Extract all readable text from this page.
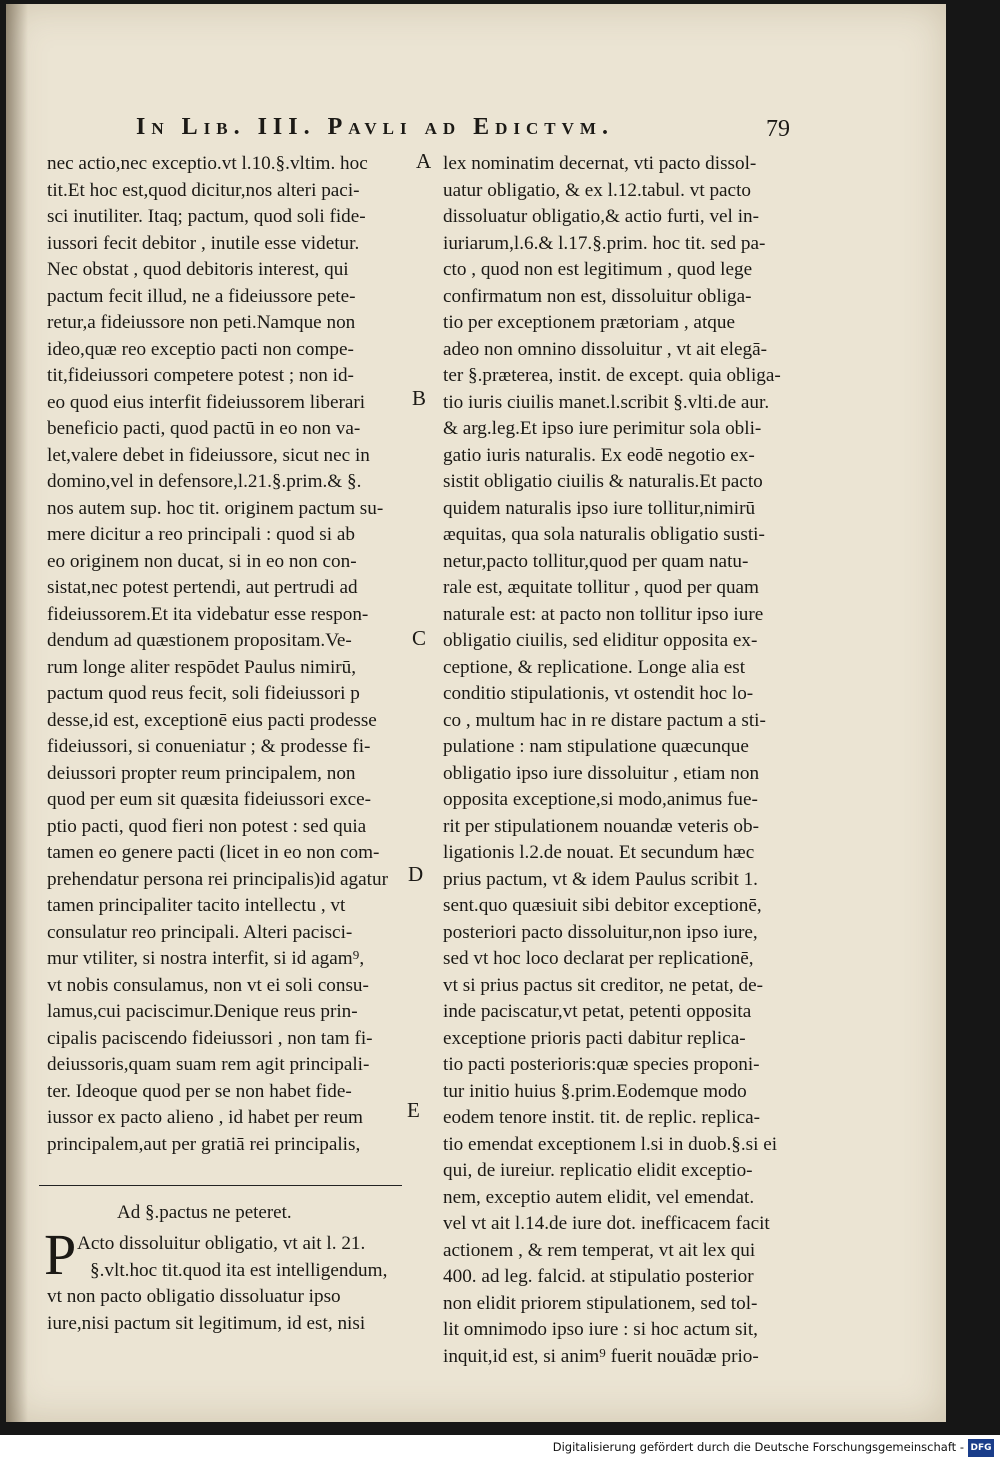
In Lib. III. Pavli ad Edictvm.	79
nec actio,nec exceptio.vt l.10.§.vltim. hoc
tit.Et hoc est,quod dicitur,nos alteri paci-
sci inutiliter. Itaq; pactum, quod soli fide-
iussori fecit debitor , inutile esse videtur.
Nec obstat , quod debitoris interest, qui
pactum fecit illud, ne a fideiussore pete-
retur,a fideiussore non peti.Namque non
ideo,quæ reo exceptio pacti non compe-
tit,fideiussori competere potest ; non id-
eo quod eius interfit fideiussorem liberari
beneficio pacti, quod pactū in eo non va-
let,valere debet in fideiussore, sicut nec in
domino,vel in defensore,l.21.§.prim.& §.
nos autem sup. hoc tit. originem pactum su-
mere dicitur a reo principali : quod si ab
eo originem non ducat, si in eo non con-
sistat,nec potest pertendi, aut pertrudi ad
fideiussorem.Et ita videbatur esse respon-
dendum ad quæstionem propositam.Ve-
rum longe aliter respōdet Paulus nimirū,
pactum quod reus fecit, soli fideiussori p
desse,id est, exceptionē eius pacti prodesse
fideiussori, si conueniatur ; & prodesse fi-
deiussori propter reum principalem, non
quod per eum sit quæsita fideiussori exce-
ptio pacti, quod fieri non potest : sed quia
tamen eo genere pacti (licet in eo non com-
prehendatur persona rei principalis)id agatur
tamen principaliter tacito intellectu , vt
consulatur reo principali. Alteri pacisci-
mur vtiliter, si nostra interfit, si id agam⁹,
vt nobis consulamus, non vt ei soli consu-
lamus,cui paciscimur.Denique reus prin-
cipalis paciscendo fideiussori , non tam fi-
deiussoris,quam suam rem agit principali-
ter. Ideoque quod per se non habet fide-
iussor ex pacto alieno , id habet per reum
principalem,aut per gratiā rei principalis,
Ad §.pactus ne peteret.
P Acto dissoluitur obligatio, vt ait l. 21.
§.vlt.hoc tit.quod ita est intelligendum,
vt non pacto obligatio dissoluatur ipso
iure,nisi pactum sit legitimum, id est, nisi
lex nominatim decernat, vti pacto dissol-
uatur obligatio, & ex l.12.tabul. vt pacto
dissoluatur obligatio,& actio furti, vel in-
iuriarum,l.6.& l.17.§.prim. hoc tit. sed pa-
cto , quod non est legitimum , quod lege
confirmatum non est, dissoluitur obliga-
tio per exceptionem prætoriam , atque
adeo non omnino dissoluitur , vt ait elegā-
ter §.præterea, instit. de except. quia obliga-
tio iuris ciuilis manet.l.scribit §.vlti.de aur.
& arg.leg.Et ipso iure perimitur sola obli-
gatio iuris naturalis. Ex eodē negotio ex-
sistit obligatio ciuilis & naturalis.Et pacto
quidem naturalis ipso iure tollitur,nimirū
æquitas, qua sola naturalis obligatio susti-
netur,pacto tollitur,quod per quam natu-
rale est, æquitate tollitur , quod per quam
naturale est: at pacto non tollitur ipso iure
obligatio ciuilis, sed eliditur opposita ex-
ceptione, & replicatione. Longe alia est
conditio stipulationis, vt ostendit hoc lo-
co , multum hac in re distare pactum a sti-
pulatione : nam stipulatione quæcunque
obligatio ipso iure dissoluitur , etiam non
opposita exceptione,si modo,animus fue-
rit per stipulationem nouandæ veteris ob-
ligationis l.2.de nouat. Et secundum hæc
prius pactum, vt & idem Paulus scribit 1.
sent.quo quæsiuit sibi debitor exceptionē,
posteriori pacto dissoluitur,non ipso iure,
sed vt hoc loco declarat per replicationē,
vt si prius pactus sit creditor, ne petat, de-
inde paciscatur,vt petat, petenti opposita
exceptione prioris pacti dabitur replica-
tio pacti posterioris:quæ species proponi-
tur initio huius §.prim.Eodemque modo
eodem tenore instit. tit. de replic. replica-
tio emendat exceptionem l.si in duob.§.si ei
qui, de iureiur. replicatio elidit exceptio-
nem, exceptio autem elidit, vel emendat.
vel vt ait l.14.de iure dot. inefficacem facit
actionem , & rem temperat, vt ait lex qui
400. ad leg. falcid. at stipulatio posterior
non elidit priorem stipulationem, sed tol-
lit omnimodo ipso iure : si hoc actum sit,
inquit,id est, si anim⁹ fuerit nouādæ prio-
A
B
C
D
E
Digitalisierung gefördert durch die Deutsche Forschungsgemeinschaft - DFG
